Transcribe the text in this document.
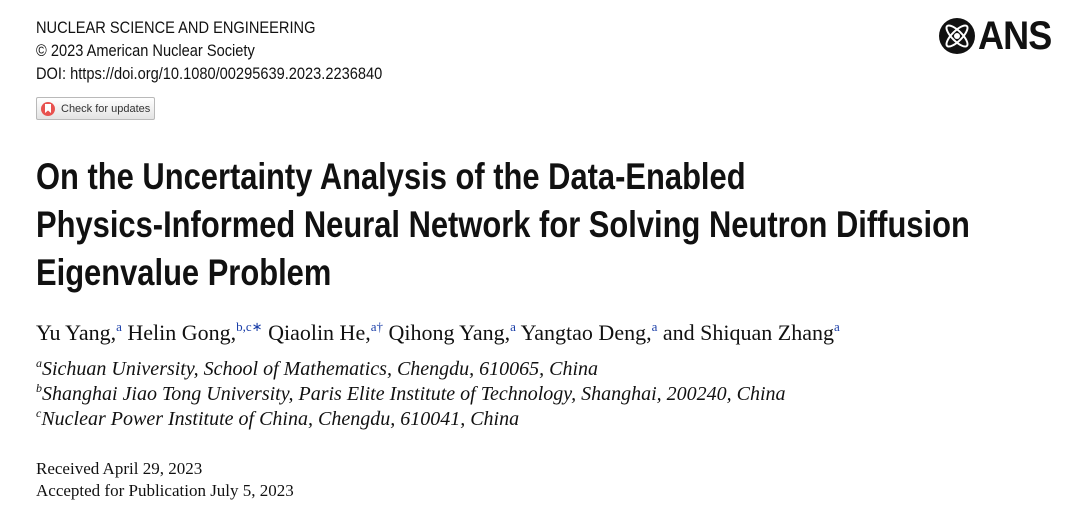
NUCLEAR SCIENCE AND ENGINEERING
© 2023 American Nuclear Society
DOI: https://doi.org/10.1080/00295639.2023.2236840
Check for updates
ANS
On the Uncertainty Analysis of the Data-Enabled
Physics-Informed Neural Network for Solving Neutron Diffusion
Eigenvalue Problem
Yu Yang,$^a$ Helin Gong,$^{b,c∗}$ Qiaolin He,$^{a\dagger}$ Qihong Yang,$^a$ Yangtao Deng,$^a$ and Shiquan Zhang$^a$
$^a$Sichuan University, School of Mathematics, Chengdu, 610065, China
$^b$Shanghai Jiao Tong University, Paris Elite Institute of Technology, Shanghai, 200240, China
$^c$Nuclear Power Institute of China, Chengdu, 610041, China
Received April 29, 2023
Accepted for Publication July 5, 2023
